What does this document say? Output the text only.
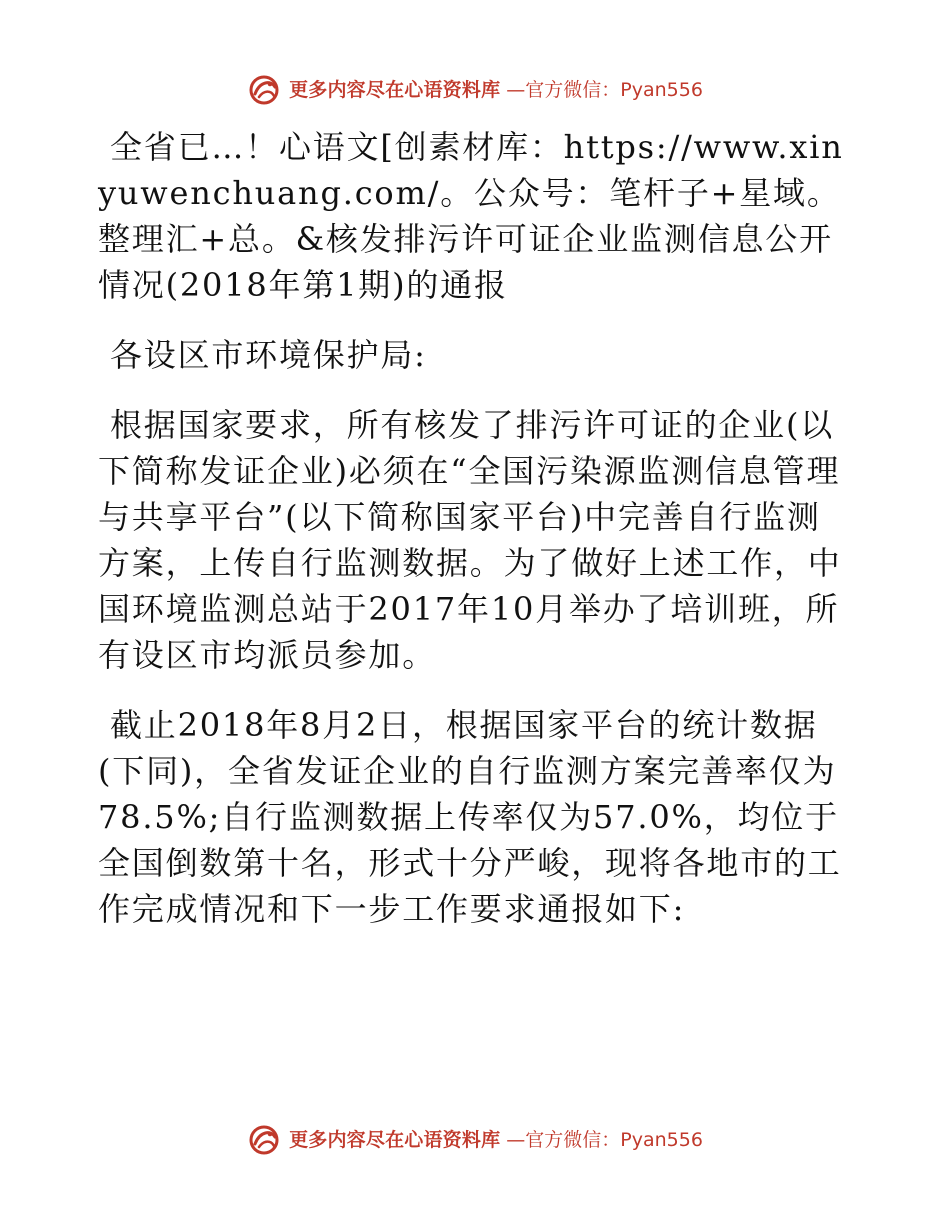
更多内容尽在心语资料库 —官方微信：Pyan556

全省已…！心语文[创素材库：https://www.xinyuwenchuang.com/。公众号：笔杆子+星域。整理汇+总。&核发排污许可证企业监测信息公开情况(2018年第1期)的通报

各设区市环境保护局:

根据国家要求，所有核发了排污许可证的企业(以下简称发证企业)必须在“全国污染源监测信息管理与共享平台”(以下简称国家平台)中完善自行监测方案，上传自行监测数据。为了做好上述工作，中国环境监测总站于2017年10月举办了培训班，所有设区市均派员参加。

截止2018年8月2日，根据国家平台的统计数据(下同)，全省发证企业的自行监测方案完善率仅为78.5%;自行监测数据上传率仅为57.0%，均位于全国倒数第十名，形式十分严峻，现将各地市的工作完成情况和下一步工作要求通报如下:

更多内容尽在心语资料库 —官方微信：Pyan556
